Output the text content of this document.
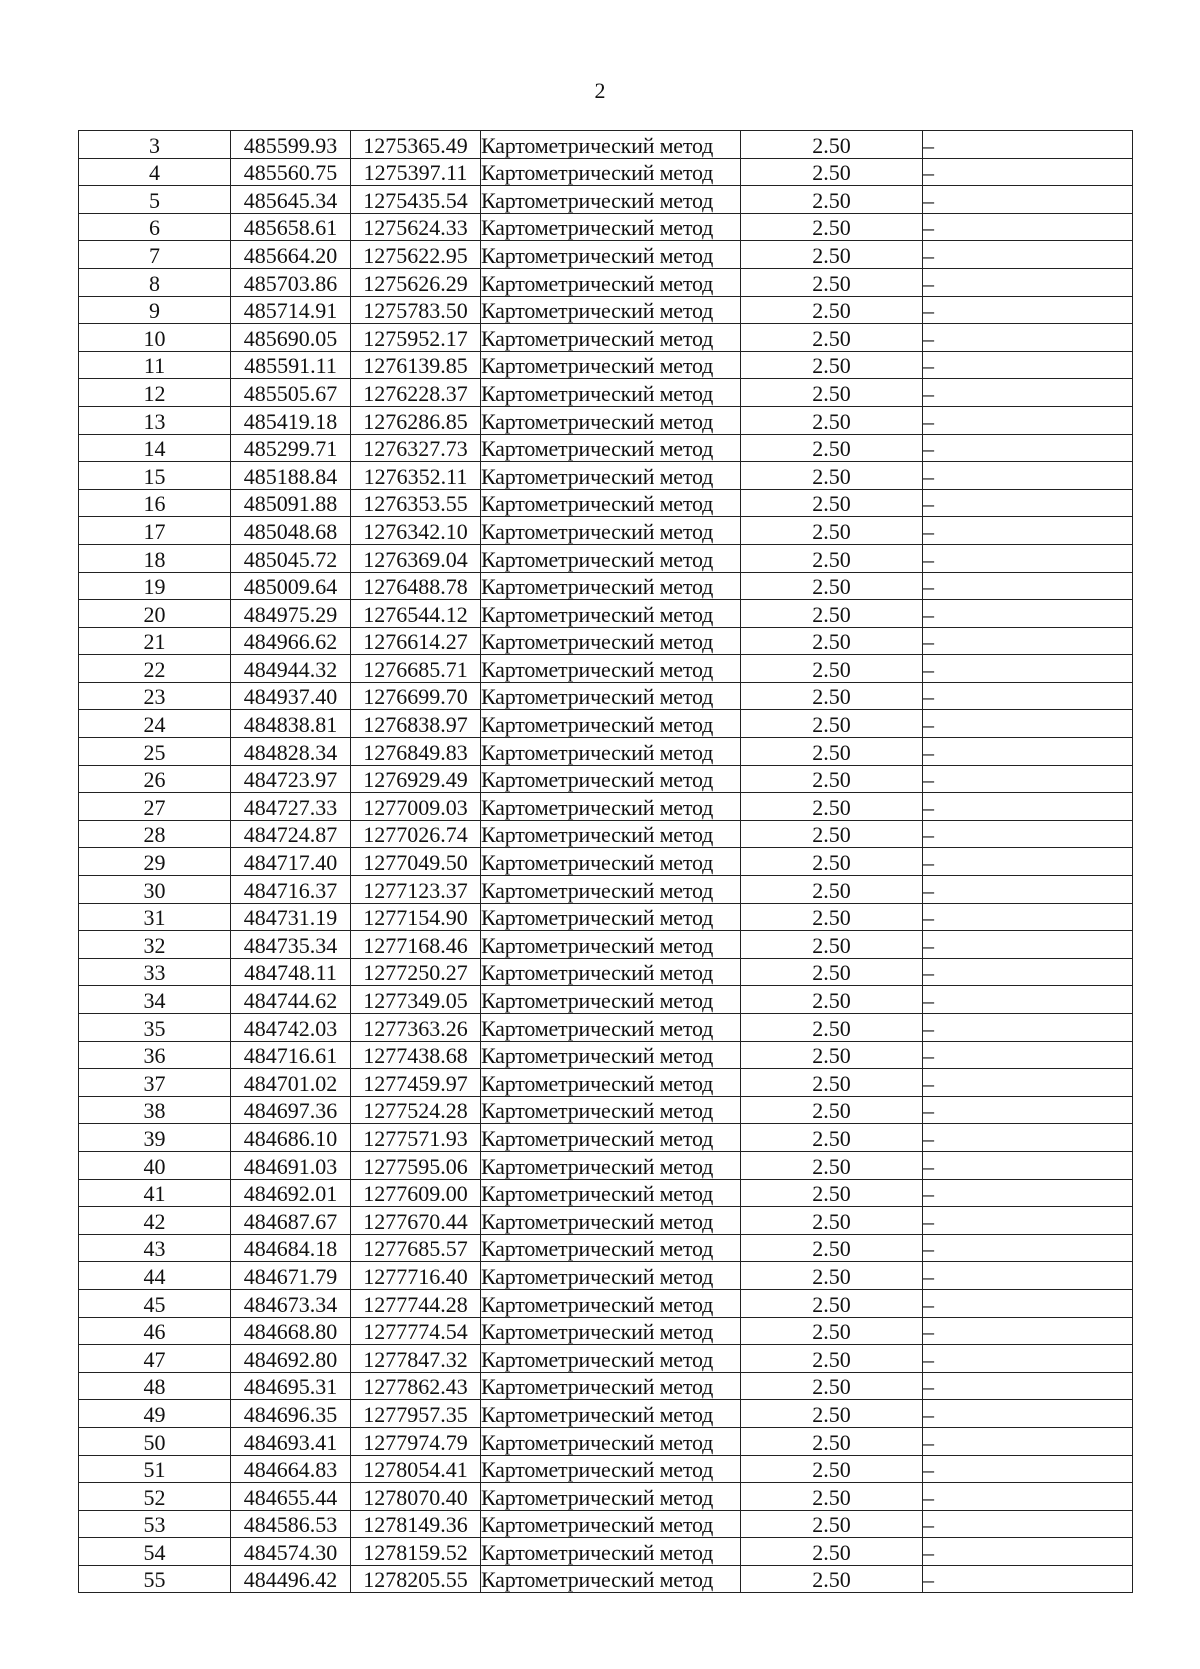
2
3	485599.93	1275365.49	Картометрический метод	2.50	–
4	485560.75	1275397.11	Картометрический метод	2.50	–
5	485645.34	1275435.54	Картометрический метод	2.50	–
6	485658.61	1275624.33	Картометрический метод	2.50	–
7	485664.20	1275622.95	Картометрический метод	2.50	–
8	485703.86	1275626.29	Картометрический метод	2.50	–
9	485714.91	1275783.50	Картометрический метод	2.50	–
10	485690.05	1275952.17	Картометрический метод	2.50	–
11	485591.11	1276139.85	Картометрический метод	2.50	–
12	485505.67	1276228.37	Картометрический метод	2.50	–
13	485419.18	1276286.85	Картометрический метод	2.50	–
14	485299.71	1276327.73	Картометрический метод	2.50	–
15	485188.84	1276352.11	Картометрический метод	2.50	–
16	485091.88	1276353.55	Картометрический метод	2.50	–
17	485048.68	1276342.10	Картометрический метод	2.50	–
18	485045.72	1276369.04	Картометрический метод	2.50	–
19	485009.64	1276488.78	Картометрический метод	2.50	–
20	484975.29	1276544.12	Картометрический метод	2.50	–
21	484966.62	1276614.27	Картометрический метод	2.50	–
22	484944.32	1276685.71	Картометрический метод	2.50	–
23	484937.40	1276699.70	Картометрический метод	2.50	–
24	484838.81	1276838.97	Картометрический метод	2.50	–
25	484828.34	1276849.83	Картометрический метод	2.50	–
26	484723.97	1276929.49	Картометрический метод	2.50	–
27	484727.33	1277009.03	Картометрический метод	2.50	–
28	484724.87	1277026.74	Картометрический метод	2.50	–
29	484717.40	1277049.50	Картометрический метод	2.50	–
30	484716.37	1277123.37	Картометрический метод	2.50	–
31	484731.19	1277154.90	Картометрический метод	2.50	–
32	484735.34	1277168.46	Картометрический метод	2.50	–
33	484748.11	1277250.27	Картометрический метод	2.50	–
34	484744.62	1277349.05	Картометрический метод	2.50	–
35	484742.03	1277363.26	Картометрический метод	2.50	–
36	484716.61	1277438.68	Картометрический метод	2.50	–
37	484701.02	1277459.97	Картометрический метод	2.50	–
38	484697.36	1277524.28	Картометрический метод	2.50	–
39	484686.10	1277571.93	Картометрический метод	2.50	–
40	484691.03	1277595.06	Картометрический метод	2.50	–
41	484692.01	1277609.00	Картометрический метод	2.50	–
42	484687.67	1277670.44	Картометрический метод	2.50	–
43	484684.18	1277685.57	Картометрический метод	2.50	–
44	484671.79	1277716.40	Картометрический метод	2.50	–
45	484673.34	1277744.28	Картометрический метод	2.50	–
46	484668.80	1277774.54	Картометрический метод	2.50	–
47	484692.80	1277847.32	Картометрический метод	2.50	–
48	484695.31	1277862.43	Картометрический метод	2.50	–
49	484696.35	1277957.35	Картометрический метод	2.50	–
50	484693.41	1277974.79	Картометрический метод	2.50	–
51	484664.83	1278054.41	Картометрический метод	2.50	–
52	484655.44	1278070.40	Картометрический метод	2.50	–
53	484586.53	1278149.36	Картометрический метод	2.50	–
54	484574.30	1278159.52	Картометрический метод	2.50	–
55	484496.42	1278205.55	Картометрический метод	2.50	–
